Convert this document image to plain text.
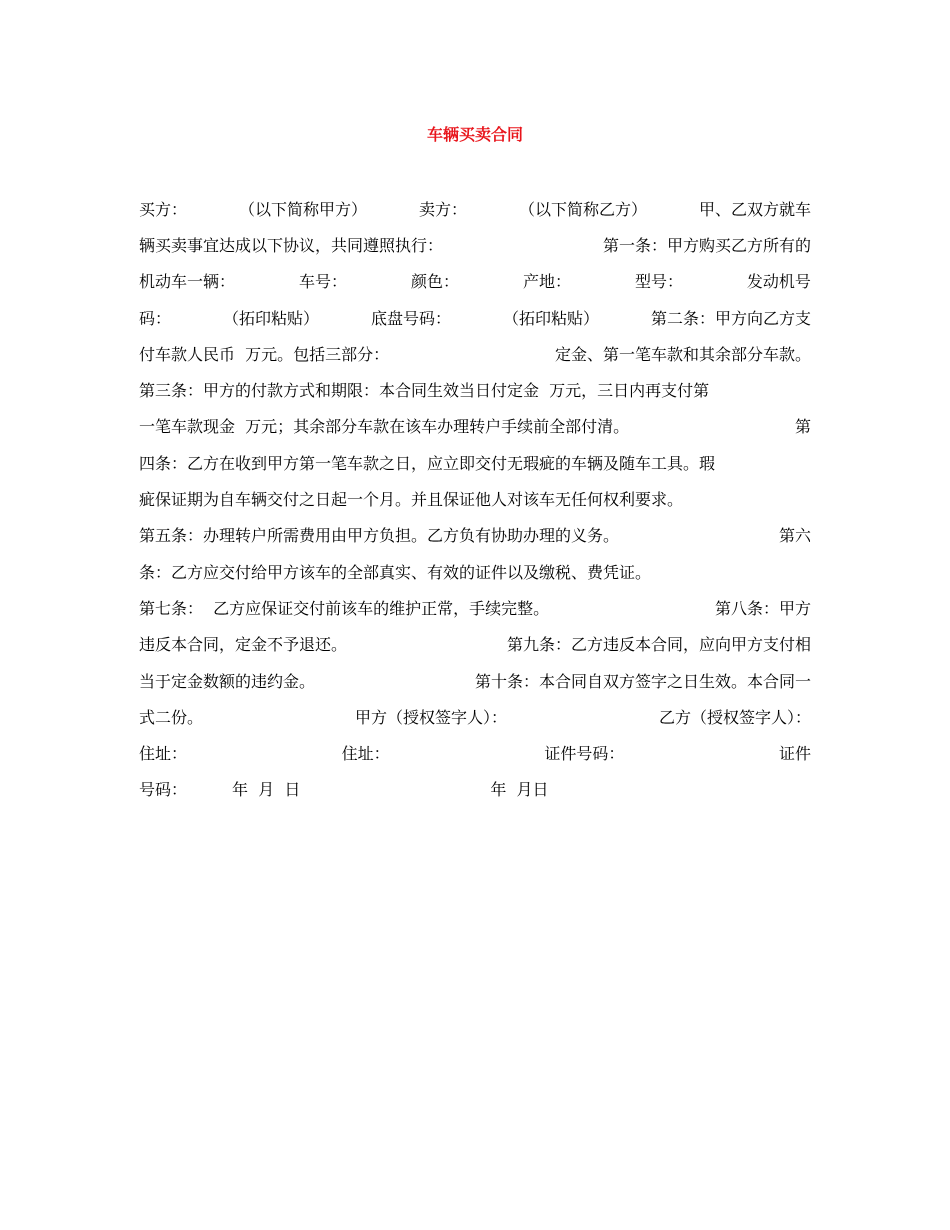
车辆买卖合同
买方：	（以下简称甲方）	卖方：	（以下简称乙方）	甲、乙双方就车
辆买卖事宜达成以下协议，共同遵照执行：	第一条：甲方购买乙方所有的
机动车一辆：	车号：	颜色：	产地：	型号：	发动机号
码：	（拓印粘贴）	底盘号码：	（拓印粘贴）	第二条：甲方向乙方支
付车款人民币  万元。包括三部分：	定金、第一笔车款和其余部分车款。
第三条：甲方的付款方式和期限：本合同生效当日付定金  万元，三日内再支付第
一笔车款现金  万元；其余部分车款在该车办理转户手续前全部付清。	第
四条：乙方在收到甲方第一笔车款之日，应立即交付无瑕疵的车辆及随车工具。瑕
疵保证期为自车辆交付之日起一个月。并且保证他人对该车无任何权利要求。
第五条：办理转户所需费用由甲方负担。乙方负有协助办理的义务。	第六
条：乙方应交付给甲方该车的全部真实、有效的证件以及缴税、费凭证。
第七条：  乙方应保证交付前该车的维护正常，手续完整。	第八条：甲方
违反本合同，定金不予退还。	第九条：乙方违反本合同，应向甲方支付相
当于定金数额的违约金。	第十条：本合同自双方签字之日生效。本合同一
式二份。	甲方（授权签字人）：	乙方（授权签字人）：
住址：	住址：	证件号码：	证件
号码：	年  月  日	年  月日
